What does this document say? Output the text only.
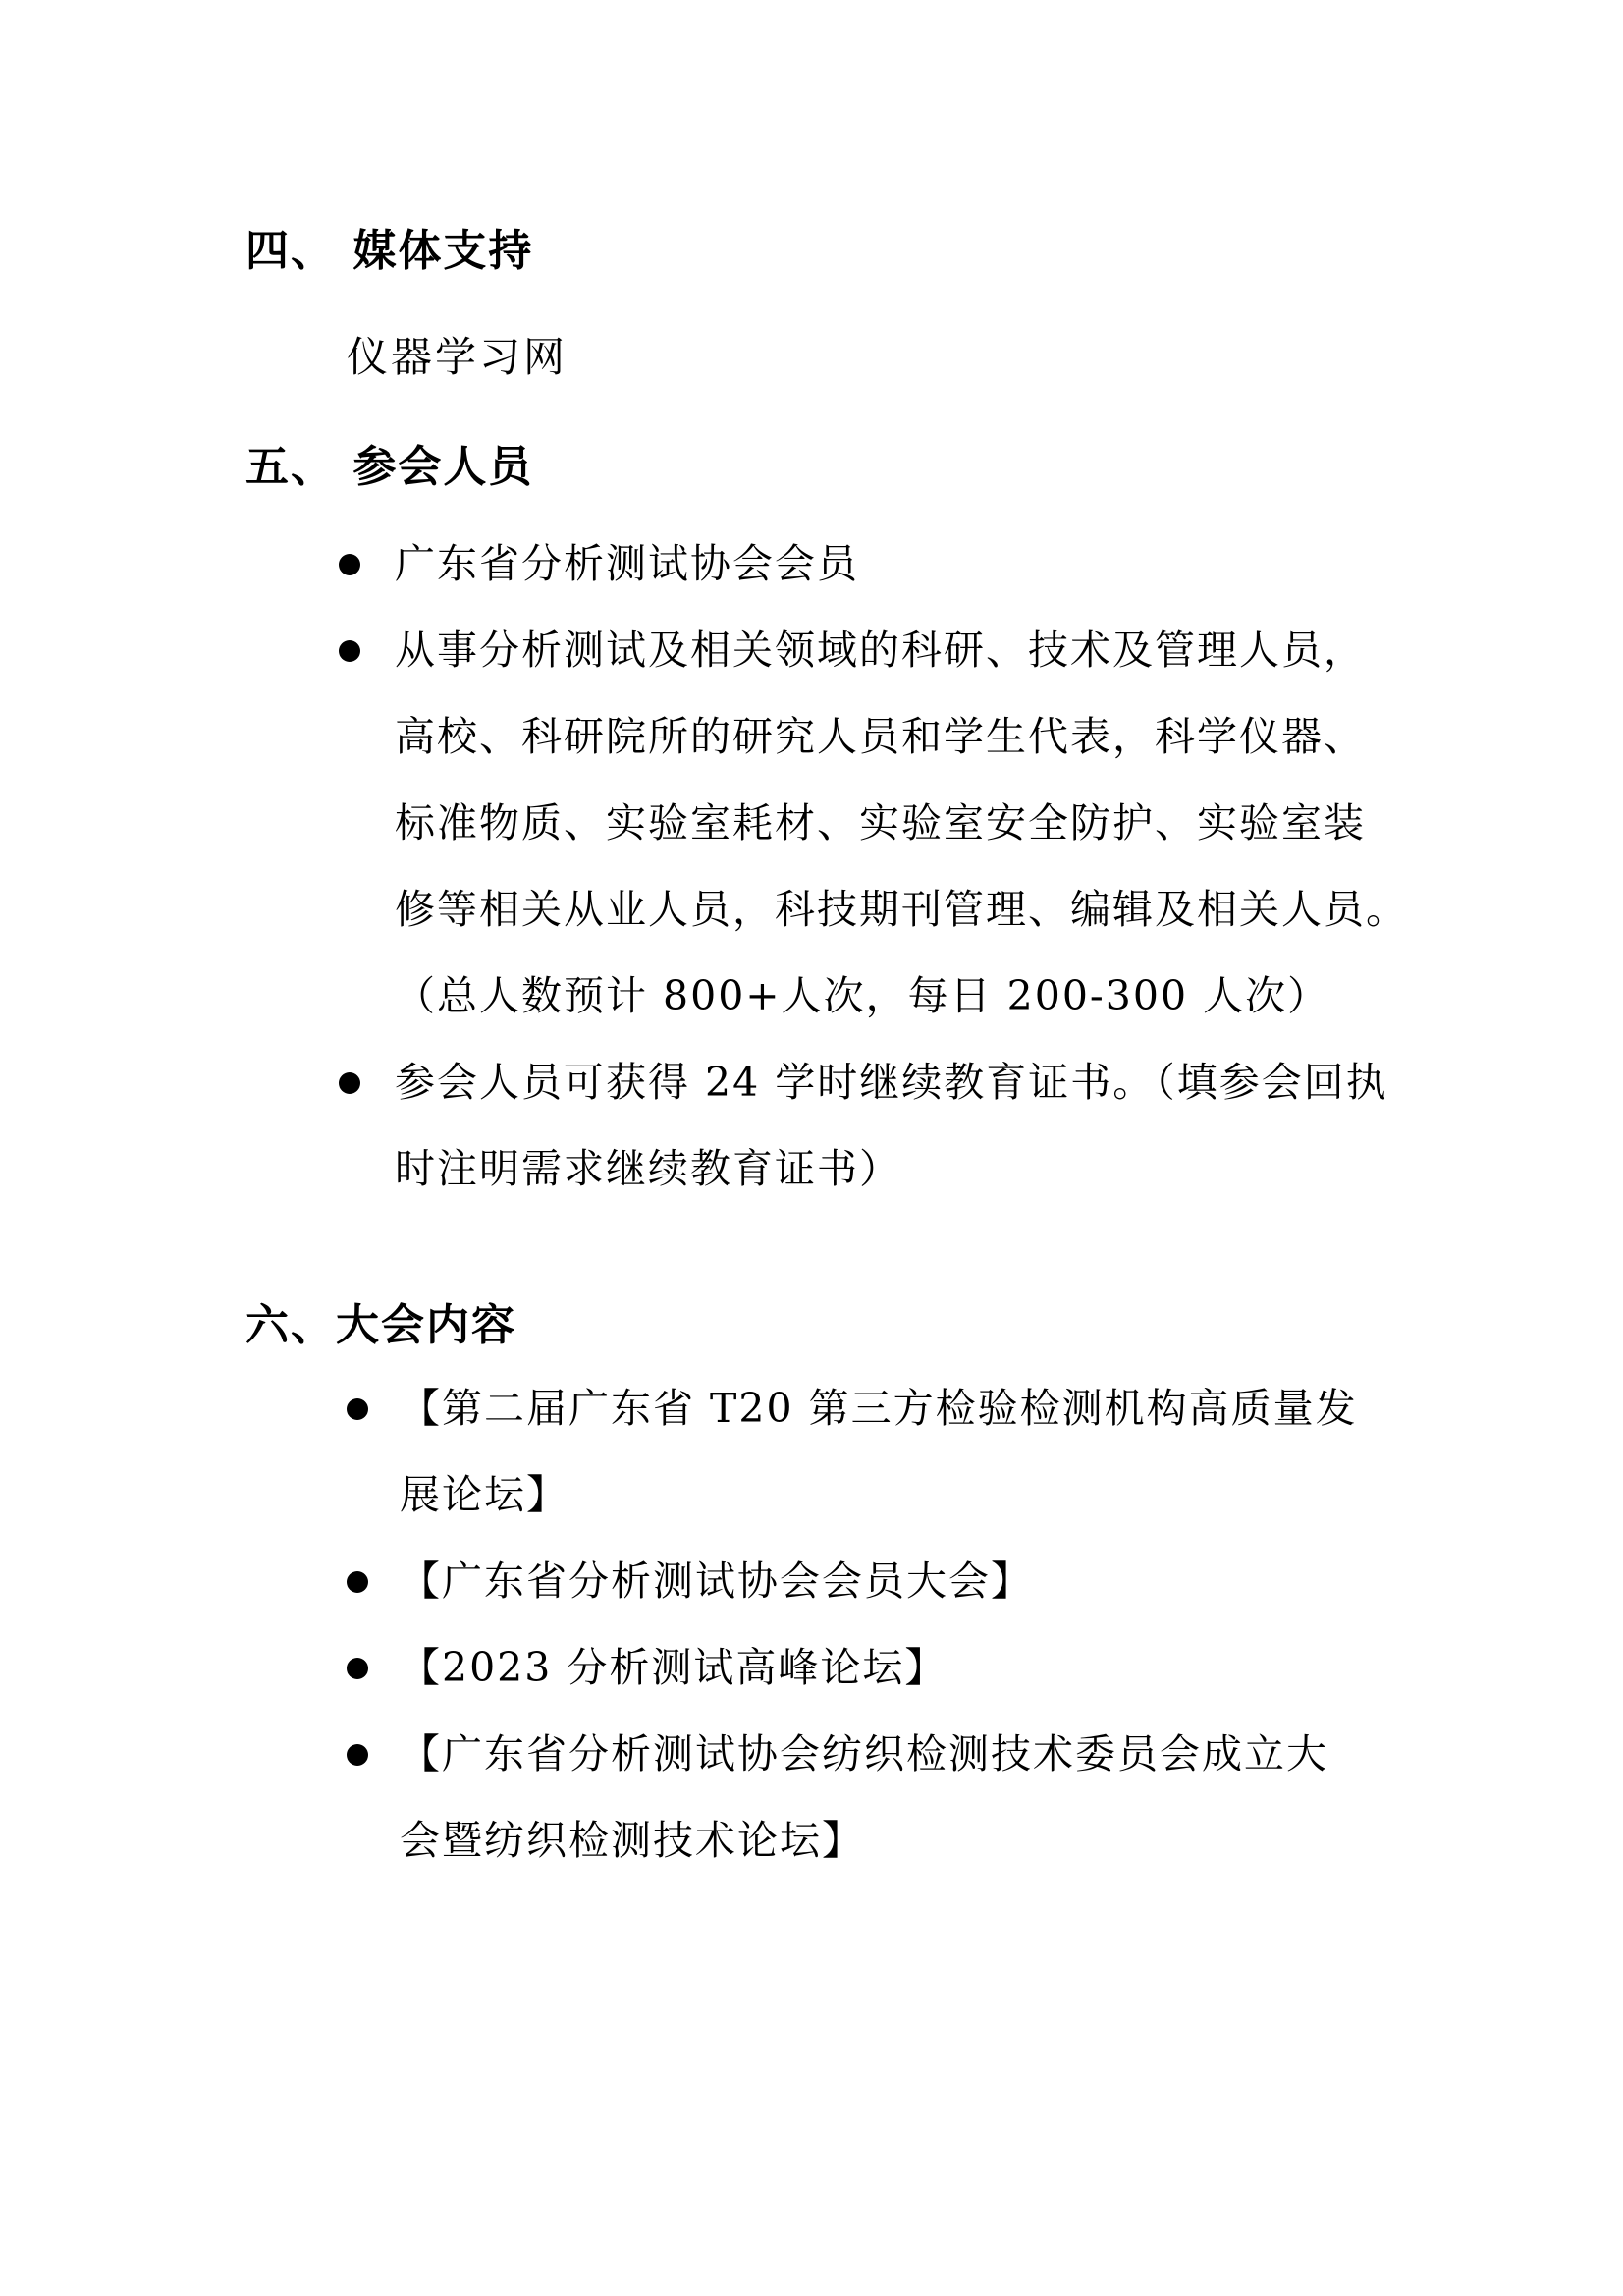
四、 媒体支持
仪器学习网
五、 参会人员
广东省分析测试协会会员
从事分析测试及相关领域的科研、技术及管理人员，
高校、科研院所的研究人员和学生代表，科学仪器、
标准物质、实验室耗材、实验室安全防护、实验室装
修等相关从业人员，科技期刊管理、编辑及相关人员。
（总人数预计 800+人次，每日 200-300 人次）
参会人员可获得 24 学时继续教育证书。（填参会回执
时注明需求继续教育证书）
六、大会内容
【第二届广东省 T20 第三方检验检测机构高质量发
展论坛】
【广东省分析测试协会会员大会】
【2023 分析测试高峰论坛】
【广东省分析测试协会纺织检测技术委员会成立大
会暨纺织检测技术论坛】
